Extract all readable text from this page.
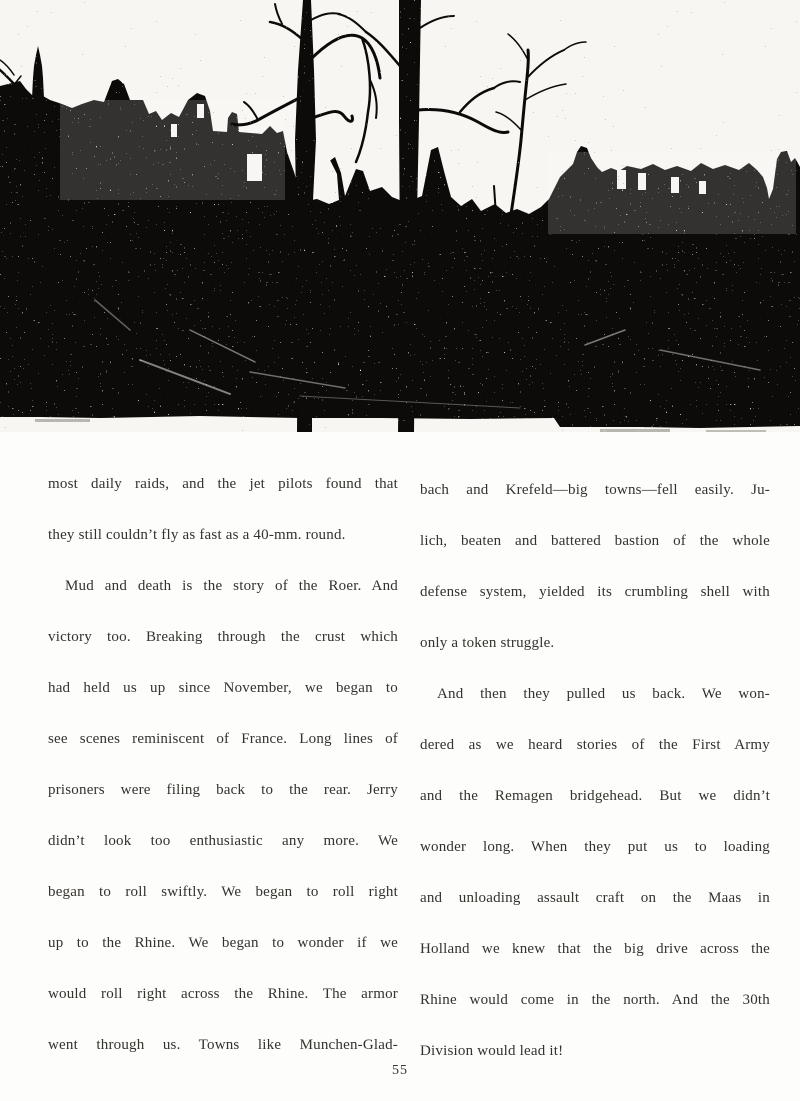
most daily raids, and the jet pilots found that
they still couldn’t fly as fast as a 40-mm. round.
Mud and death is the story of the Roer. And
victory too. Breaking through the crust which
had held us up since November, we began to
see scenes reminiscent of France. Long lines of
prisoners were filing back to the rear. Jerry
didn’t look too enthusiastic any more. We
began to roll swiftly. We began to roll right
up to the Rhine. We began to wonder if we
would roll right across the Rhine. The armor
went through us. Towns like Munchen-Glad-
bach and Krefeld—big towns—fell easily. Ju-
lich, beaten and battered bastion of the whole
defense system, yielded its crumbling shell with
only a token struggle.
And then they pulled us back. We won-
dered as we heard stories of the First Army
and the Remagen bridgehead. But we didn’t
wonder long. When they put us to loading
and unloading assault craft on the Maas in
Holland we knew that the big drive across the
Rhine would come in the north. And the 30th
Division would lead it!
55
